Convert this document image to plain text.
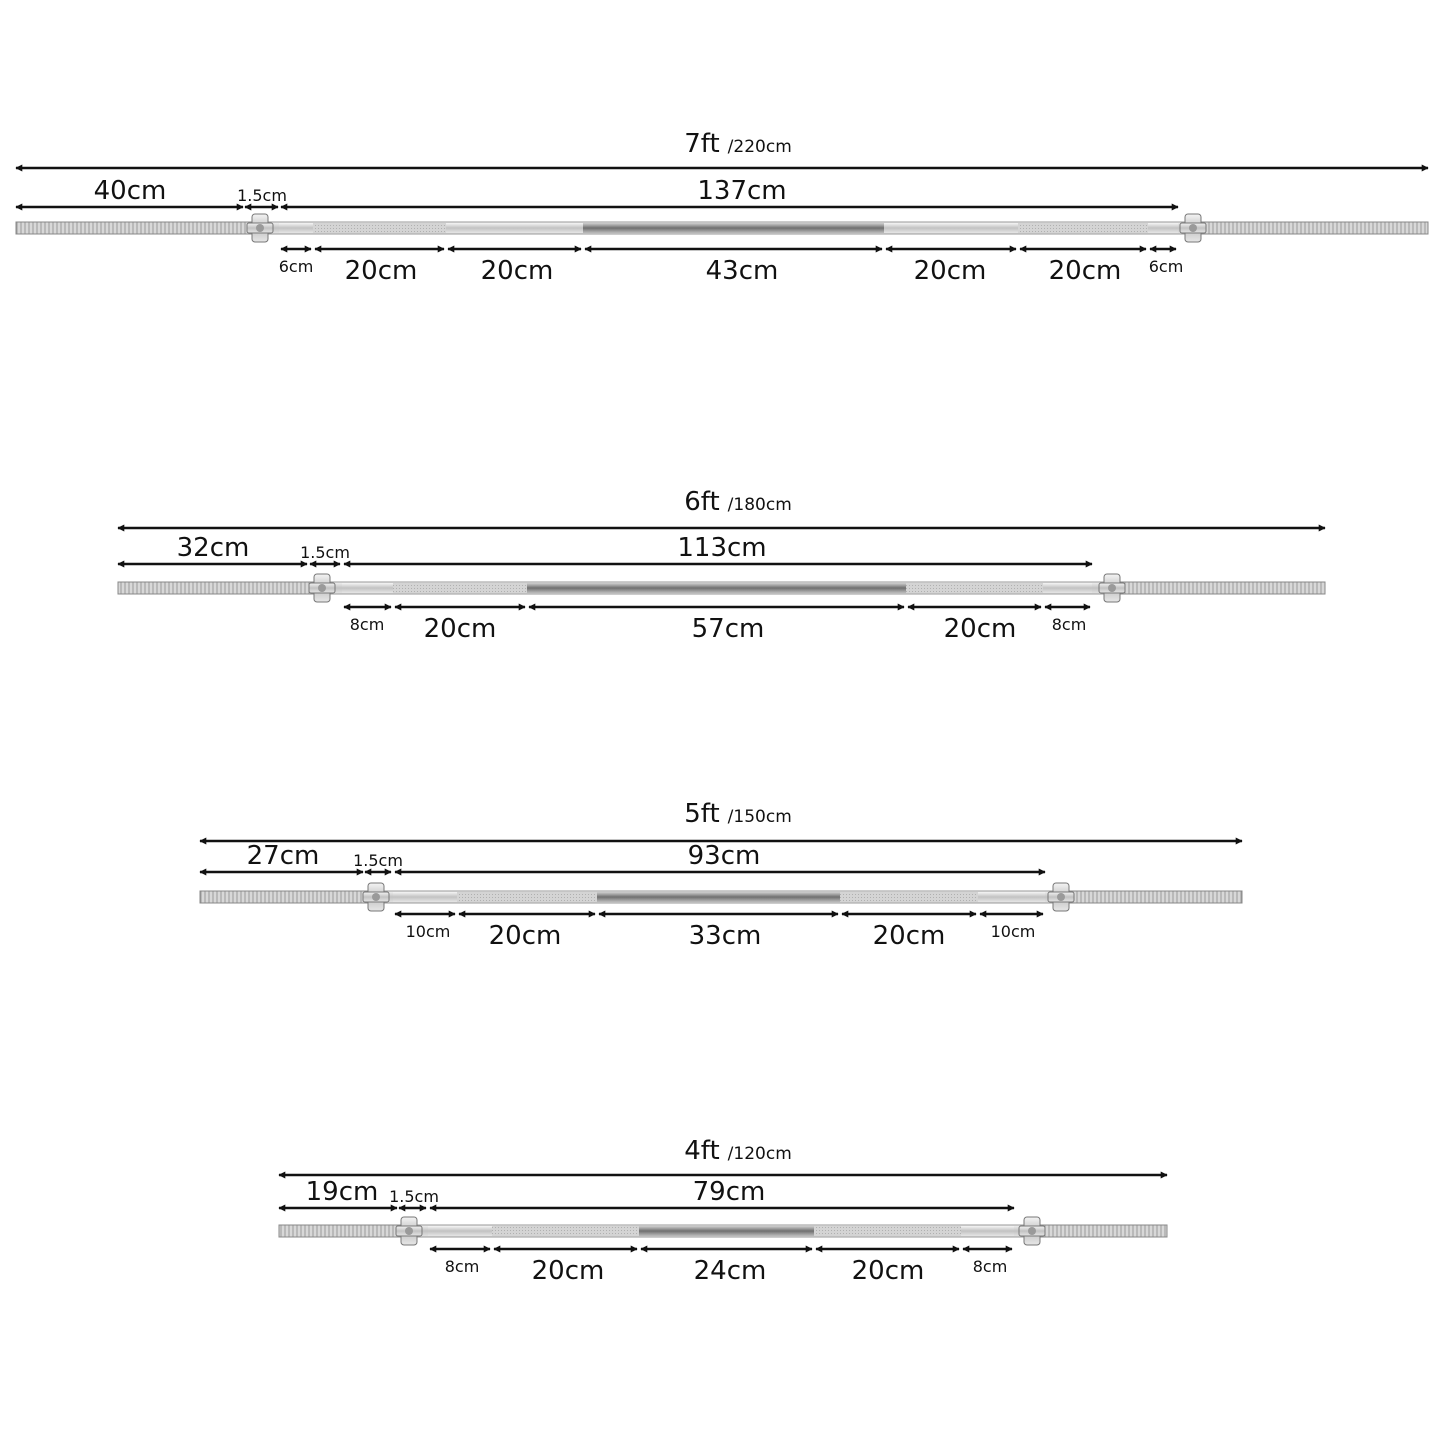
7ft /220cm
40cm	1.5cm	137cm
6cm 20cm 20cm	43cm	20cm 20cm 6cm
6ft /180cm
32cm	1.5cm	113cm
8cm 20cm	57cm	20cm 8cm
5ft /150cm
27cm 1.5cm	93cm
10cm 20cm	33cm	20cm	10cm
4ft /120cm
19cm 1.5cm	79cm
8cm 20cm	24cm	20cm	8cm
